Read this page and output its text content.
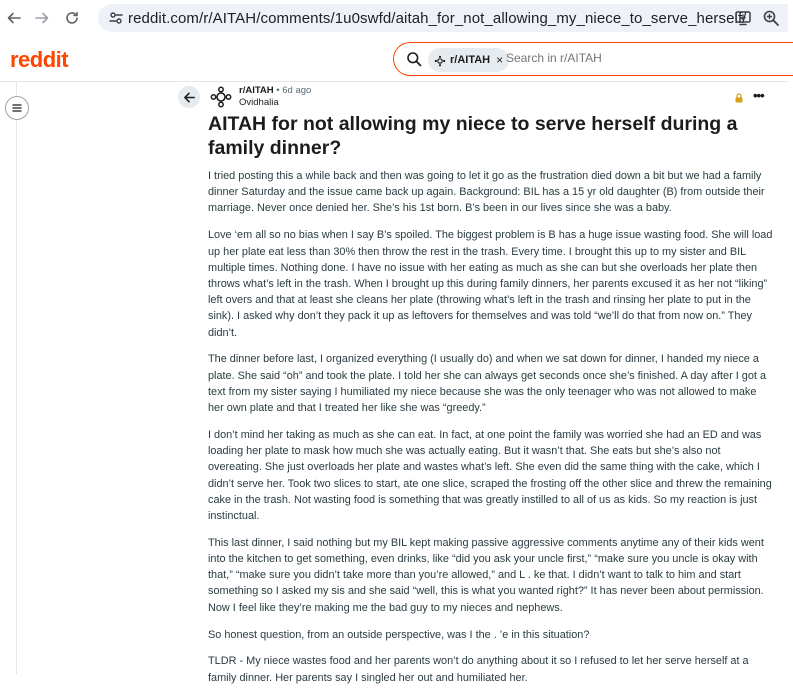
reddit.com/r/AITAH/comments/1u0swfd/aitah_for_not_allowing_my_niece_to_serve_herself/
reddit	r/AITAH ×
Search in r/AITAH
r/AITAH • 6d ago
Ovidhalia	•••
AITAH for not allowing my niece to serve herself during a family dinner?

I tried posting this a while back and then was going to let it go as the frustration died down a bit but we had a family dinner Saturday and the issue came back up again. Background: BIL has a 15 yr old daughter (B) from outside their marriage. Never once denied her. She’s his 1st born. B’s been in our lives since she was a baby.

Love ‘em all so no bias when I say B’s spoiled. The biggest problem is B has a huge issue wasting food. She will load up her plate eat less than 30% then throw the rest in the trash. Every time. I brought this up to my sister and BIL multiple times. Nothing done. I have no issue with her eating as much as she can but she overloads her plate then throws what’s left in the trash. When I brought up this during family dinners, her parents excused it as her not “liking” left overs and that at least she cleans her plate (throwing what’s left in the trash and rinsing her plate to put in the sink). I asked why don’t they pack it up as leftovers for themselves and was told “we’ll do that from now on.” They didn’t.

The dinner before last, I organized everything (I usually do) and when we sat down for dinner, I handed my niece a plate. She said “oh” and took the plate. I told her she can always get seconds once she’s finished. A day after I got a text from my sister saying I humiliated my niece because she was the only teenager who was not allowed to make her own plate and that I treated her like she was “greedy.”

I don’t mind her taking as much as she can eat. In fact, at one point the family was worried she had an ED and was loading her plate to mask how much she was actually eating. But it wasn’t that. She eats but she’s also not overeating. She just overloads her plate and wastes what’s left. She even did the same thing with the cake, which I didn’t serve her. Took two slices to start, ate one slice, scraped the frosting off the other slice and threw the remaining cake in the trash. Not wasting food is something that was greatly instilled to all of us as kids. So my reaction is just instinctual.

This last dinner, I said nothing but my BIL kept making passive aggressive comments anytime any of their kids went into the kitchen to get something, even drinks, like “did you ask your uncle first,” “make sure you uncle is okay with that,” “make sure you didn’t take more than you’re allowed,” and L . ke that. I didn’t want to talk to him and start something so I asked my sis and she said “well, this is what you wanted right?” It has never been about permission. Now I feel like they’re making me the bad guy to my nieces and nephews.

So honest question, from an outside perspective, was I the . ’e in this situation?

TLDR - My niece wastes food and her parents won’t do anything about it so I refused to let her serve herself at a family dinner. Her parents say I singled her out and humiliated her.
